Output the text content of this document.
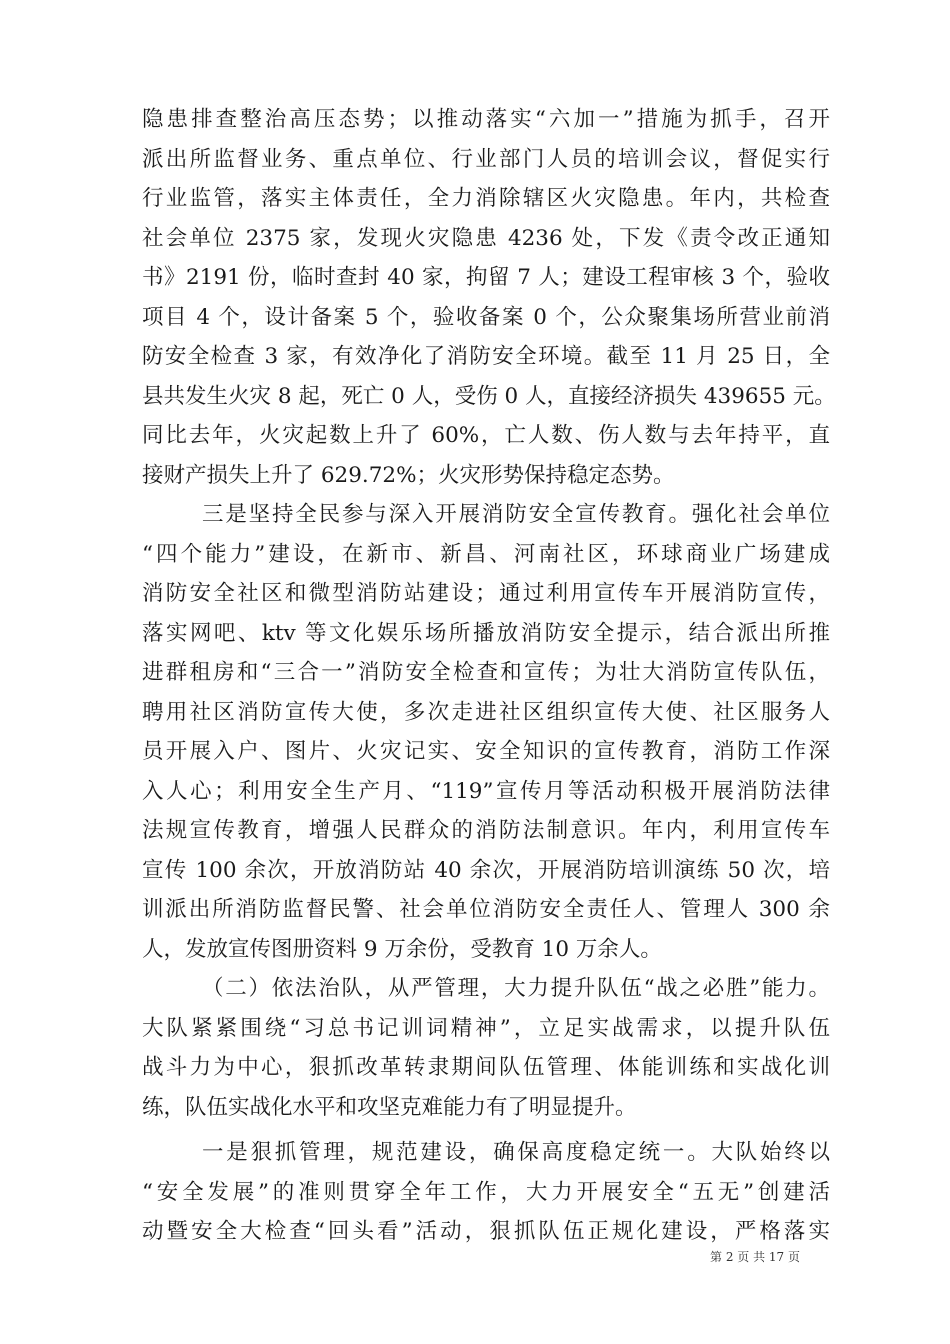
隐患排查整治高压态势；以推动落实“六加一”措施为抓手，召开
派出所监督业务、重点单位、行业部门人员的培训会议，督促实行
行业监管，落实主体责任，全力消除辖区火灾隐患。年内，共检查
社会单位 2375 家，发现火灾隐患 4236 处，下发《责令改正通知
书》2191 份，临时查封 40 家，拘留 7 人；建设工程审核 3 个，验收
项目 4 个，设计备案 5 个，验收备案 0 个，公众聚集场所营业前消
防安全检查 3 家，有效净化了消防安全环境。截至 11 月 25 日，全
县共发生火灾 8 起，死亡 0 人，受伤 0 人，直接经济损失 439655 元。
同比去年，火灾起数上升了 60%，亡人数、伤人数与去年持平，直
接财产损失上升了 629.72%；火灾形势保持稳定态势。
三是坚持全民参与深入开展消防安全宣传教育。强化社会单位
“四个能力”建设，在新市、新昌、河南社区，环球商业广场建成
消防安全社区和微型消防站建设；通过利用宣传车开展消防宣传，
落实网吧、ktv 等文化娱乐场所播放消防安全提示，结合派出所推
进群租房和“三合一”消防安全检查和宣传；为壮大消防宣传队伍，
聘用社区消防宣传大使，多次走进社区组织宣传大使、社区服务人
员开展入户、图片、火灾记实、安全知识的宣传教育，消防工作深
入人心；利用安全生产月、“119”宣传月等活动积极开展消防法律
法规宣传教育，增强人民群众的消防法制意识。年内，利用宣传车
宣传 100 余次，开放消防站 40 余次，开展消防培训演练 50 次，培
训派出所消防监督民警、社会单位消防安全责任人、管理人 300 余
人，发放宣传图册资料 9 万余份，受教育 10 万余人。
（二）依法治队，从严管理，大力提升队伍“战之必胜”能力。
大队紧紧围绕“习总书记训词精神”，立足实战需求，以提升队伍
战斗力为中心，狠抓改革转隶期间队伍管理、体能训练和实战化训
练，队伍实战化水平和攻坚克难能力有了明显提升。
一是狠抓管理，规范建设，确保高度稳定统一。大队始终以
“安全发展”的准则贯穿全年工作，大力开展安全“五无”创建活
动暨安全大检查“回头看”活动，狠抓队伍正规化建设，严格落实
第 2 页 共 17 页
